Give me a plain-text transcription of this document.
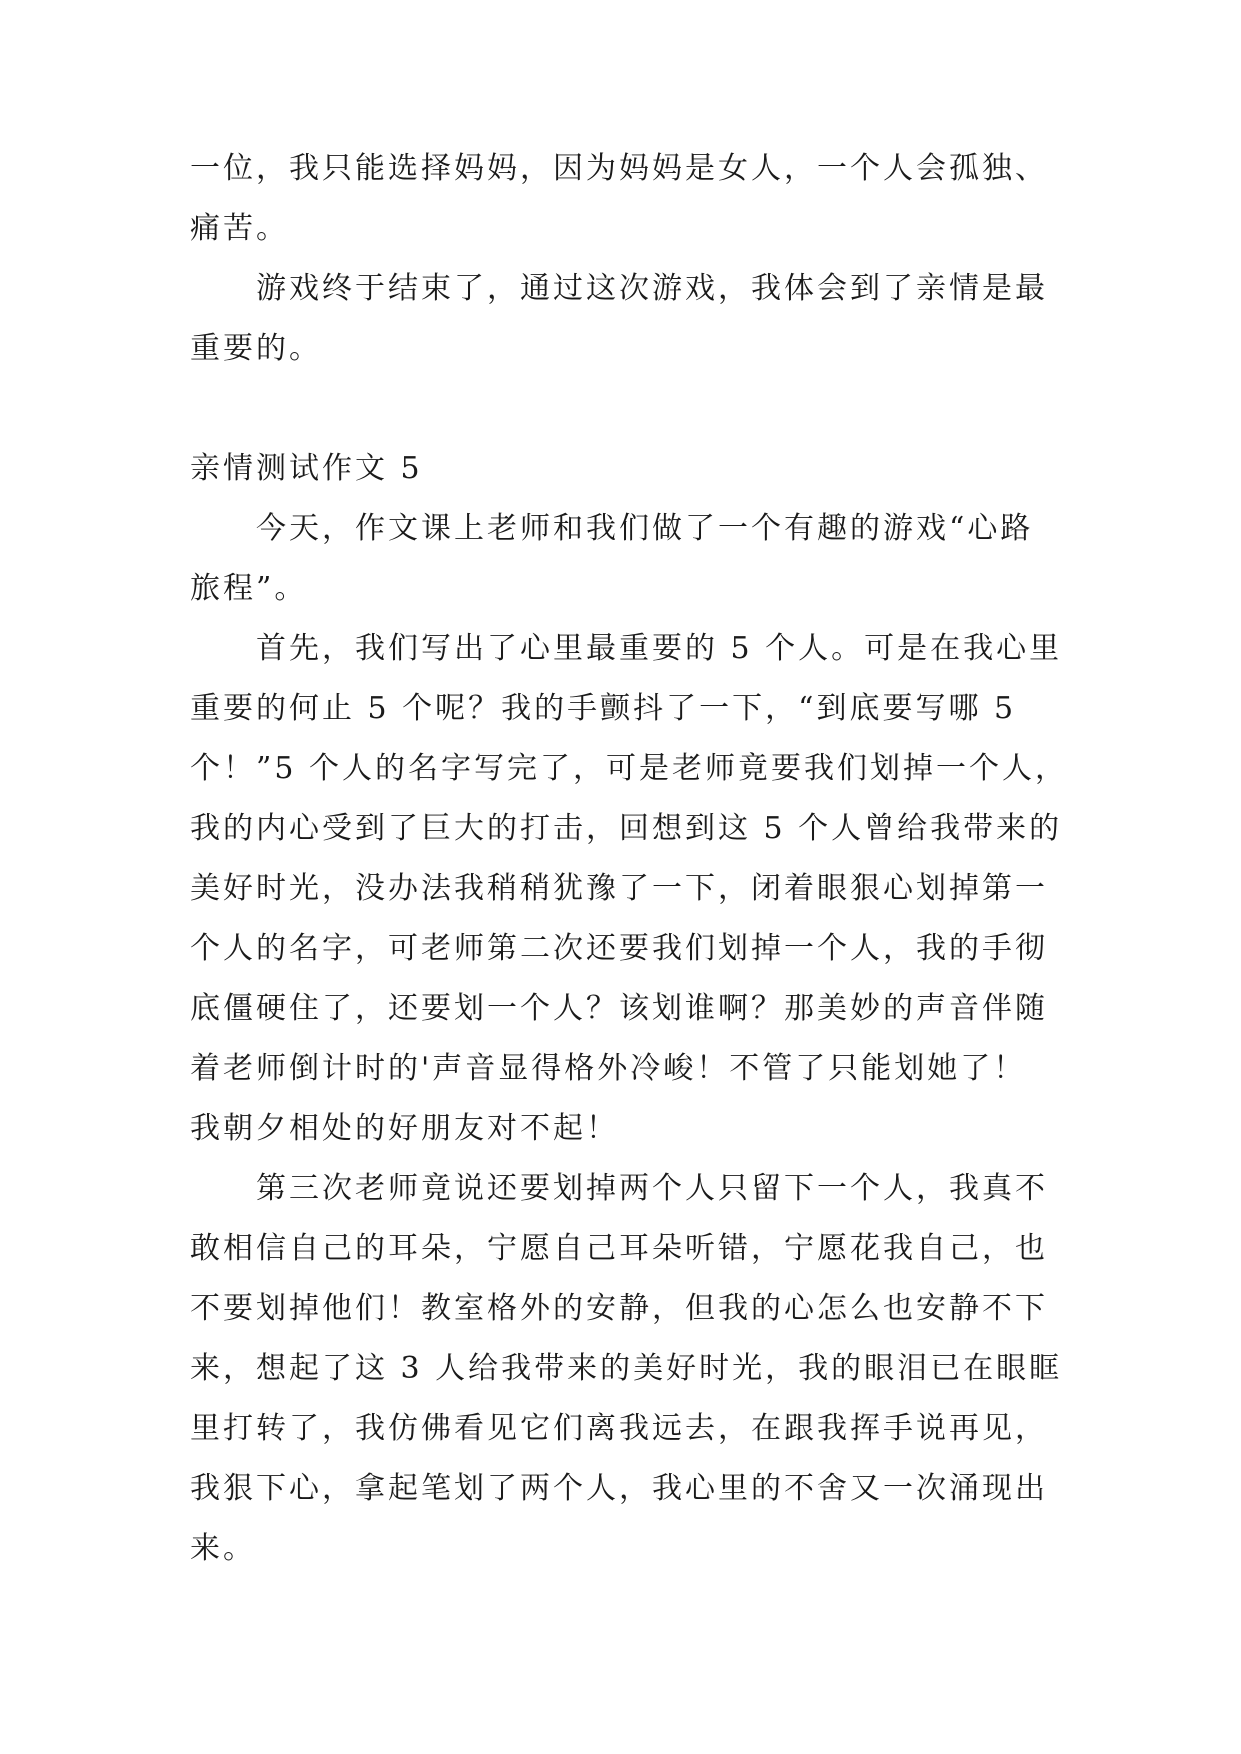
一位，我只能选择妈妈，因为妈妈是女人，一个人会孤独、
痛苦。
游戏终于结束了，通过这次游戏，我体会到了亲情是最
重要的。
亲情测试作文 5
今天，作文课上老师和我们做了一个有趣的游戏“心路
旅程”。
首先，我们写出了心里最重要的 5 个人。可是在我心里
重要的何止 5 个呢？我的手颤抖了一下，“到底要写哪 5
个！”5 个人的名字写完了，可是老师竟要我们划掉一个人，
我的内心受到了巨大的打击，回想到这 5 个人曾给我带来的
美好时光，没办法我稍稍犹豫了一下，闭着眼狠心划掉第一
个人的名字，可老师第二次还要我们划掉一个人，我的手彻
底僵硬住了，还要划一个人？该划谁啊？那美妙的声音伴随
着老师倒计时的'声音显得格外冷峻！不管了只能划她了！
我朝夕相处的好朋友对不起！
第三次老师竟说还要划掉两个人只留下一个人，我真不
敢相信自己的耳朵，宁愿自己耳朵听错，宁愿花我自己，也
不要划掉他们！教室格外的安静，但我的心怎么也安静不下
来，想起了这 3 人给我带来的美好时光，我的眼泪已在眼眶
里打转了，我仿佛看见它们离我远去，在跟我挥手说再见，
我狠下心，拿起笔划了两个人，我心里的不舍又一次涌现出
来。
